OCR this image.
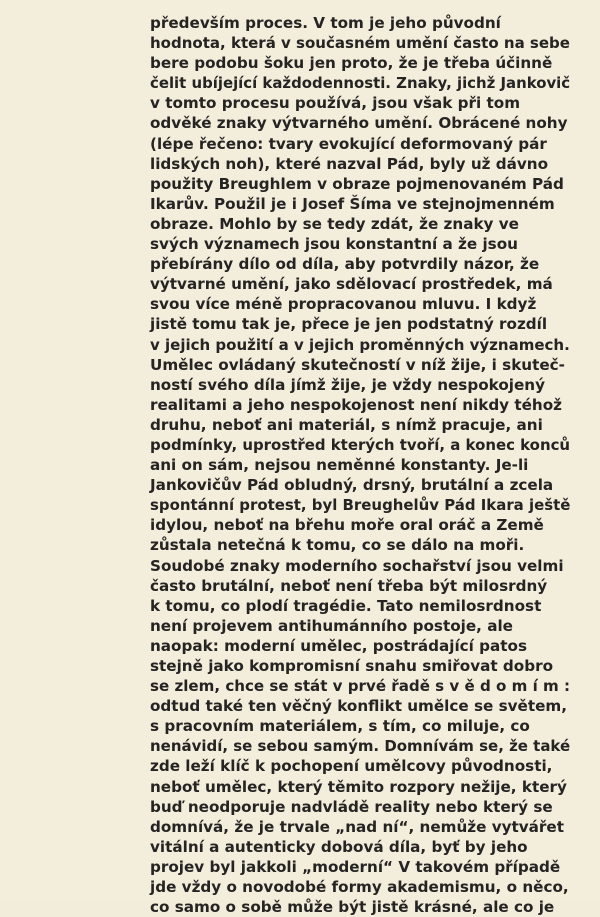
především proces. V tom je jeho původní
hodnota, která v současném umění často na sebe
bere podobu šoku jen proto, že je třeba účinně
čelit ubíjející každodennosti. Znaky, jichž Jankovič
v tomto procesu používá, jsou však při tom
odvěké znaky výtvarného umění. Obrácené nohy
(lépe řečeno: tvary evokující deformovaný pár
lidských noh), které nazval Pád, byly už dávno
použity Breughlem v obraze pojmenovaném Pád
Ikarův. Použil je i Josef Šíma ve stejnojmenném
obraze. Mohlo by se tedy zdát, že znaky ve
svých významech jsou konstantní a že jsou
přebírány dílo od díla, aby potvrdily názor, že
výtvarné umění, jako sdělovací prostředek, má
svou více méně propracovanou mluvu. I když
jistě tomu tak je, přece je jen podstatný rozdíl
v jejich použití a v jejich proměnných významech.
Umělec ovládaný skutečností v níž žije, i skuteč-
ností svého díla jímž žije, je vždy nespokojený
realitami a jeho nespokojenost není nikdy téhož
druhu, neboť ani materiál, s nímž pracuje, ani
podmínky, uprostřed kterých tvoří, a konec konců
ani on sám, nejsou neměnné konstanty. Je-li
Jankovičův Pád obludný, drsný, brutální a zcela
spontánní protest, byl Breughelův Pád Ikara ještě
idylou, neboť na břehu moře oral oráč a Země
zůstala netečná k tomu, co se dálo na moři.
Soudobé znaky moderního sochařství jsou velmi
často brutální, neboť není třeba být milosrdný
k tomu, co plodí tragédie. Tato nemilosrdnost
není projevem antihumánního postoje, ale
naopak: moderní umělec, postrádající patos
stejně jako kompromisní snahu smiřovat dobro
se zlem, chce se stát v prvé řadě s v ě d o m í m :
odtud také ten věčný konflikt umělce se světem,
s pracovním materiálem, s tím, co miluje, co
nenávidí, se sebou samým. Domnívám se, že také
zde leží klíč k pochopení umělcovy původnosti,
neboť umělec, který těmito rozpory nežije, který
buď neodporuje nadvládě reality nebo který se
domnívá, že je trvale „nad ní“, nemůže vytvářet
vitální a autenticky dobová díla, byť by jeho
projev byl jakkoli „moderní“ V takovém případě
jde vždy o novodobé formy akademismu, o něco,
co samo o sobě může být jistě krásné, ale co je
